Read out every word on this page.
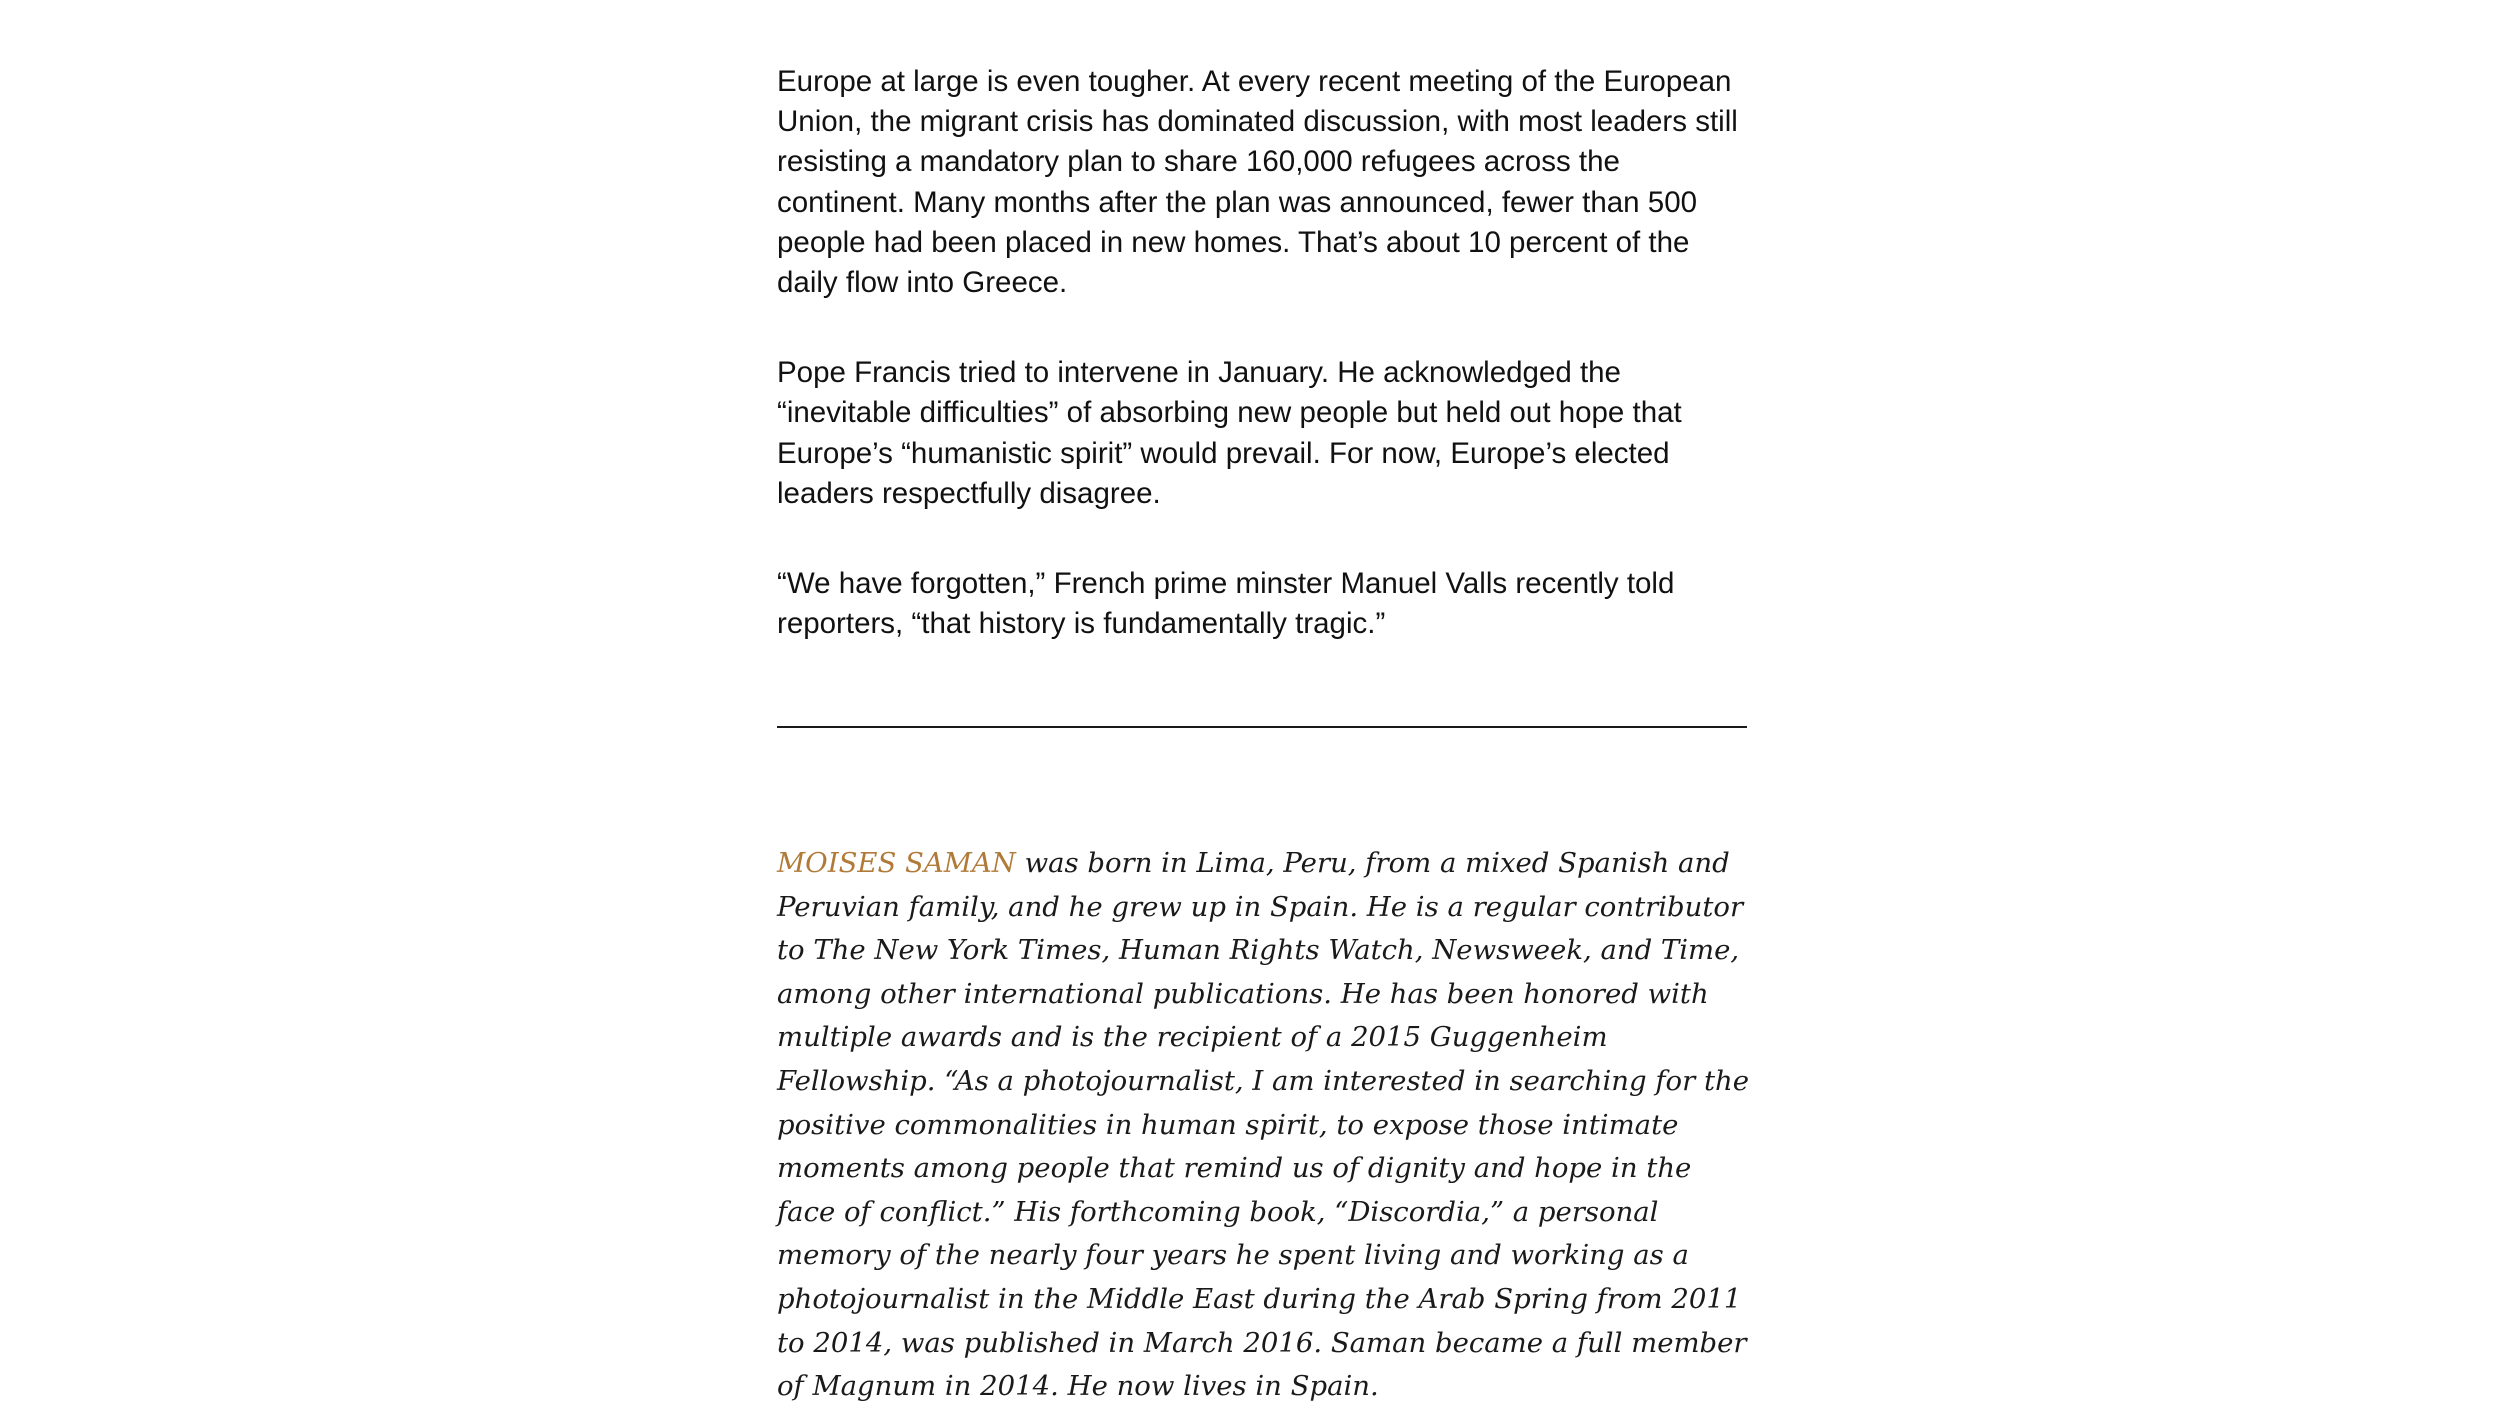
Europe at large is even tougher. At every recent meeting of the European Union, the migrant crisis has dominated discussion, with most leaders still resisting a mandatory plan to share 160,000 refugees across the continent. Many months after the plan was announced, fewer than 500 people had been placed in new homes. That’s about 10 percent of the daily flow into Greece.

Pope Francis tried to intervene in January. He acknowledged the “inevitable difficulties” of absorbing new people but held out hope that Europe’s “humanistic spirit” would prevail. For now, Europe’s elected leaders respectfully disagree.

“We have forgotten,” French prime minster Manuel Valls recently told reporters, “that history is fundamentally tragic.”

MOISES SAMAN was born in Lima, Peru, from a mixed Spanish and Peruvian family, and he grew up in Spain. He is a regular contributor to The New York Times, Human Rights Watch, Newsweek, and Time, among other international publications. He has been honored with multiple awards and is the recipient of a 2015 Guggenheim Fellowship. “As a photojournalist, I am interested in searching for the positive commonalities in human spirit, to expose those intimate moments among people that remind us of dignity and hope in the face of conflict.” His forthcoming book, “Discordia,” a personal memory of the nearly four years he spent living and working as a photojournalist in the Middle East during the Arab Spring from 2011 to 2014, was published in March 2016. Saman became a full member of Magnum in 2014. He now lives in Spain.
